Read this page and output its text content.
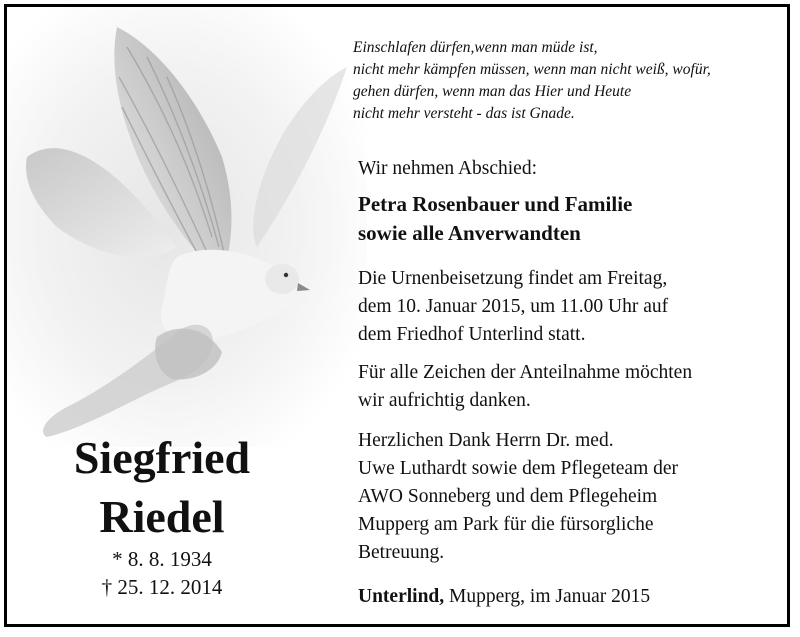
Siegfried
Riedel
* 8. 8. 1934
† 25. 12. 2014
Einschlafen dürfen,wenn man müde ist,
nicht mehr kämpfen müssen, wenn man nicht weiß, wofür,
gehen dürfen, wenn man das Hier und Heute
nicht mehr versteht - das ist Gnade.
Wir nehmen Abschied:
Petra Rosenbauer und Familie
sowie alle Anverwandten
Die Urnenbeisetzung findet am Freitag,
dem 10. Januar 2015, um 11.00 Uhr auf
dem Friedhof Unterlind statt.
Für alle Zeichen der Anteilnahme möchten
wir aufrichtig danken.
Herzlichen Dank Herrn Dr. med.
Uwe Luthardt sowie dem Pflegeteam der
AWO Sonneberg und dem Pflegeheim
Mupperg am Park für die fürsorgliche
Betreuung.
Unterlind, Mupperg, im Januar 2015
